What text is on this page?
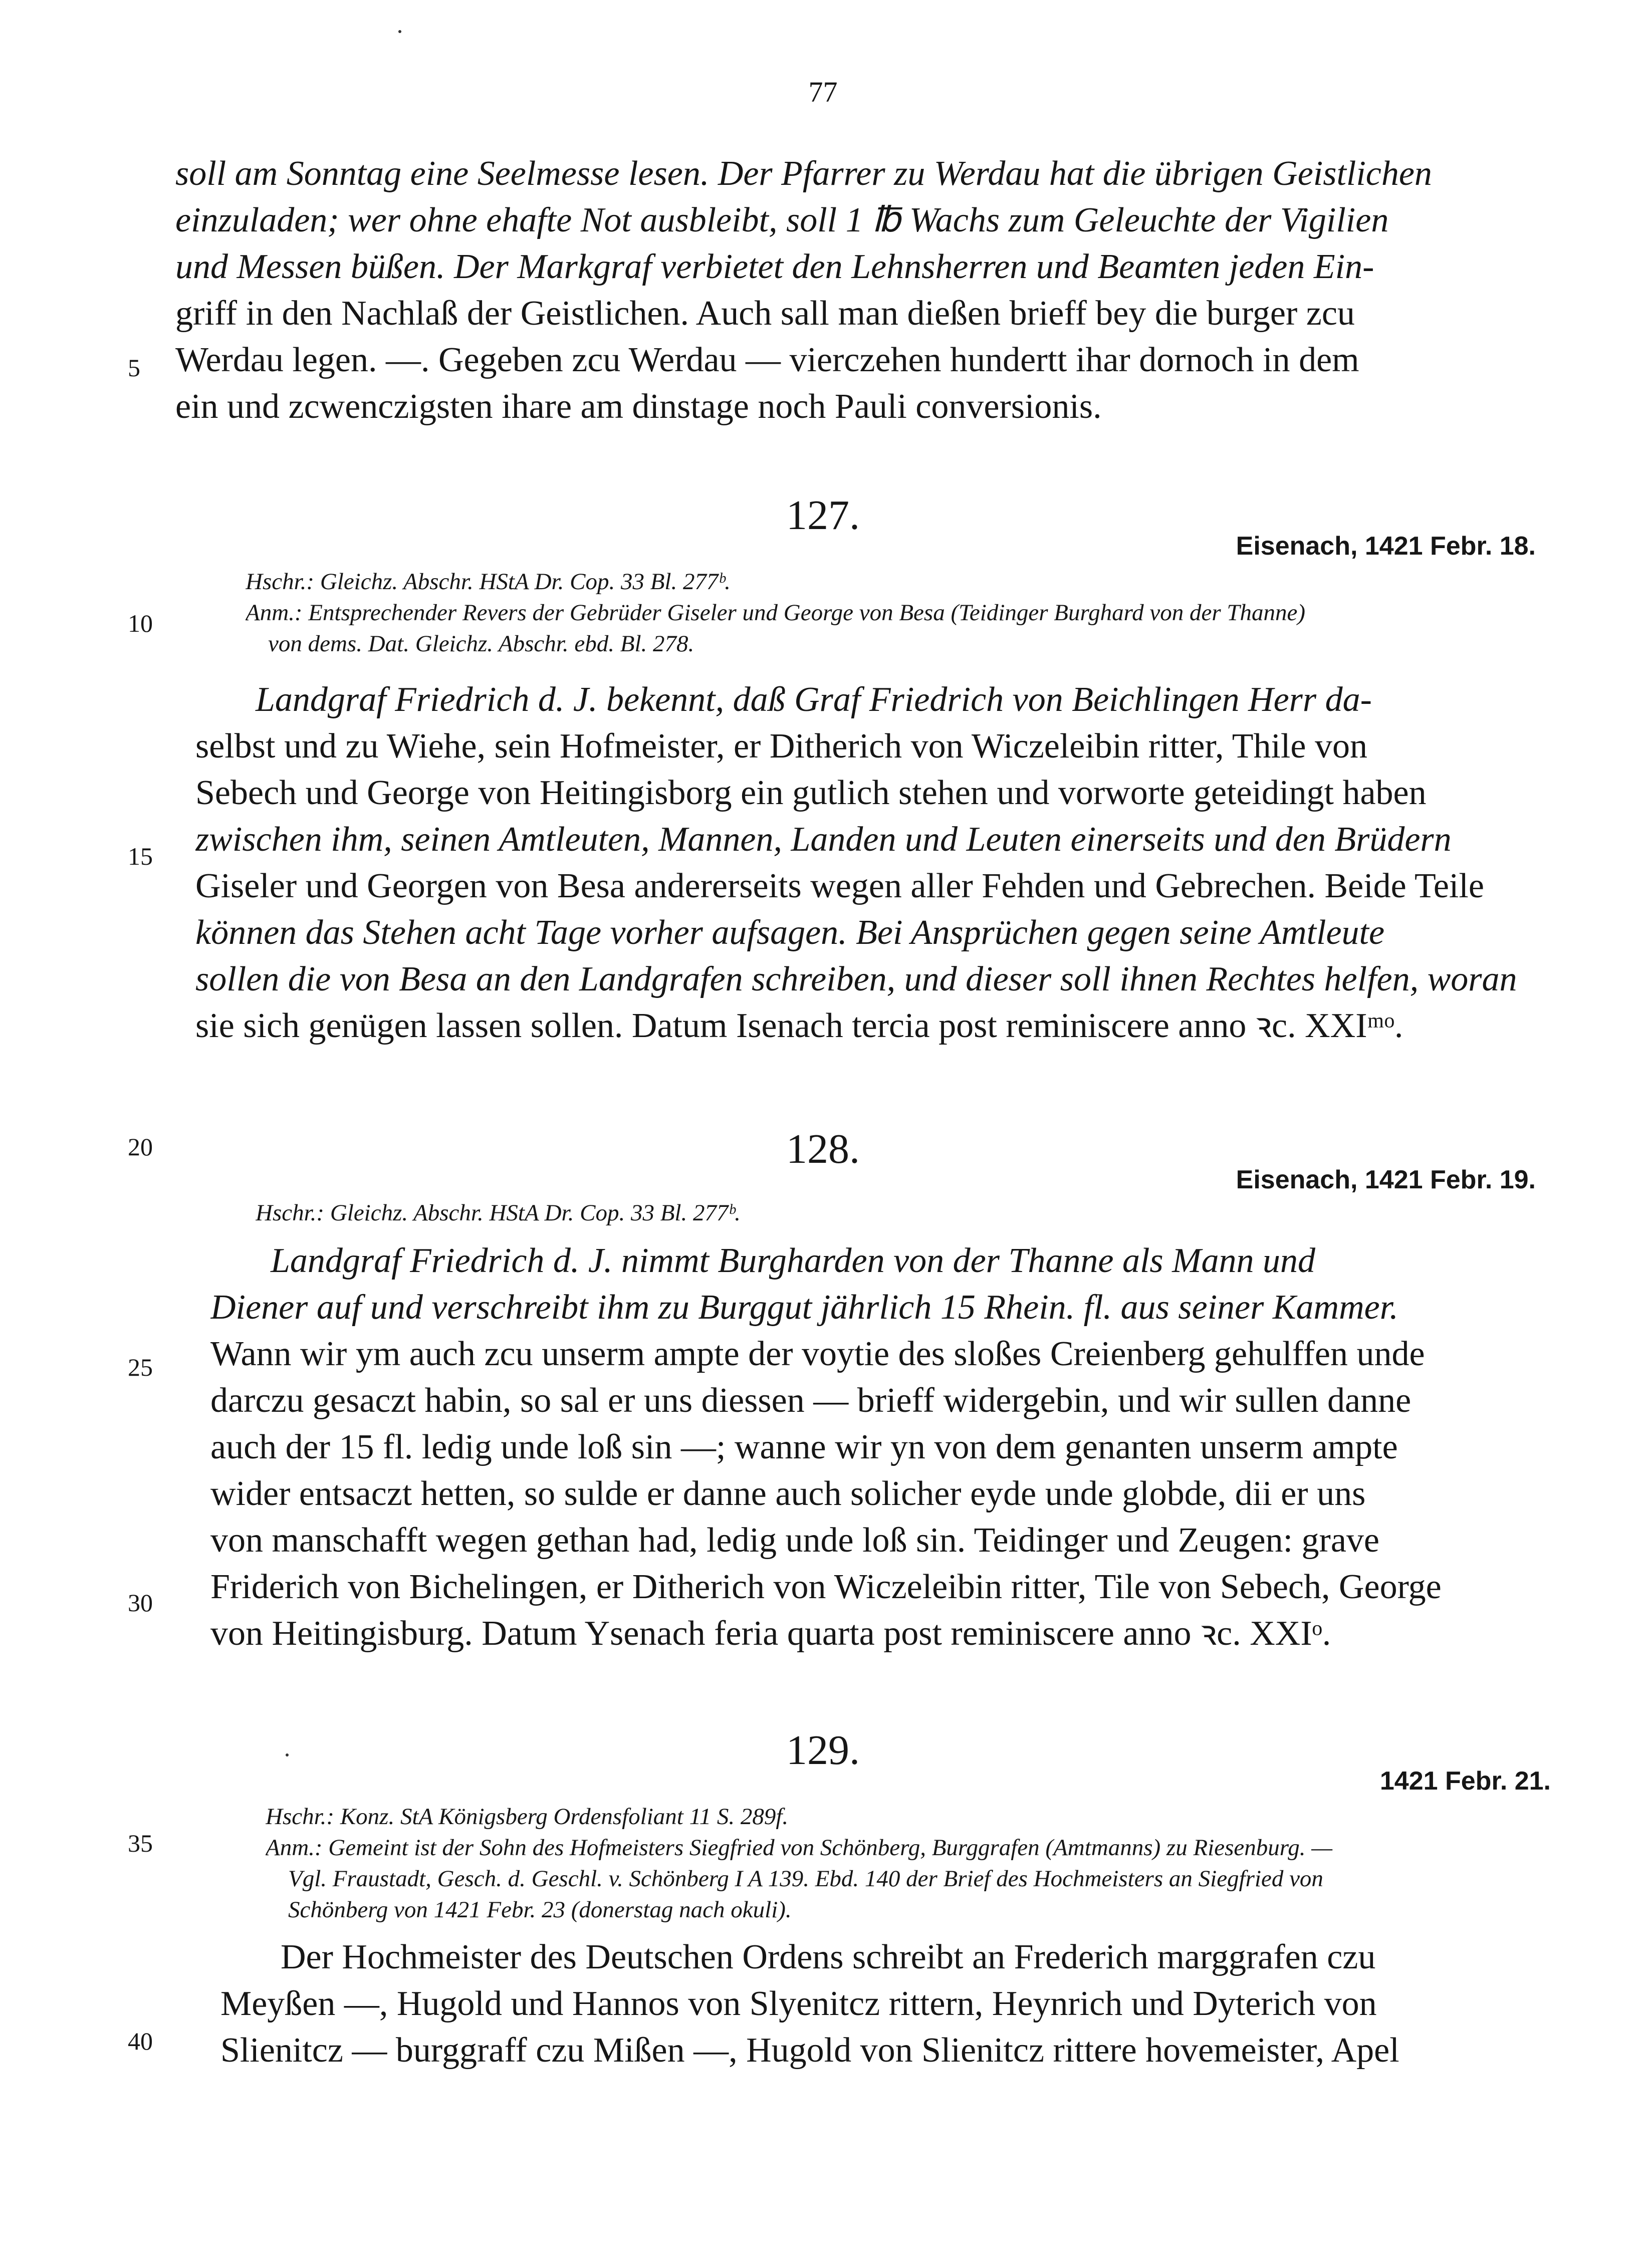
77
soll am Sonntag eine Seelmesse lesen. Der Pfarrer zu Werdau hat die übrigen Geistlichen
einzuladen; wer ohne ehafte Not ausbleibt, soll 1 ℔ Wachs zum Geleuchte der Vigilien
und Messen büßen. Der Markgraf verbietet den Lehnsherren und Beamten jeden Ein-
griff in den Nachlaß der Geistlichen. Auch sall man dießen brieff bey die burger zcu
Werdau legen. —. Gegeben zcu Werdau — vierczehen hundertt ihar dornoch in dem
ein und zcwenczigsten ihare am dinstage noch Pauli conversionis.
127.
Eisenach, 1421 Febr. 18.
Hschr.: Gleichz. Abschr. HStA Dr. Cop. 33 Bl. 277ᵇ.
Anm.: Entsprechender Revers der Gebrüder Giseler und George von Besa (Teidinger Burghard von der Thanne)
von dems. Dat. Gleichz. Abschr. ebd. Bl. 278.
Landgraf Friedrich d. J. bekennt, daß Graf Friedrich von Beichlingen Herr da-
selbst und zu Wiehe, sein Hofmeister, er Ditherich von Wiczeleibin ritter, Thile von
Sebech und George von Heitingisborg ein gutlich stehen und vorworte geteidingt haben
zwischen ihm, seinen Amtleuten, Mannen, Landen und Leuten einerseits und den Brüdern
Giseler und Georgen von Besa andererseits wegen aller Fehden und Gebrechen. Beide Teile
können das Stehen acht Tage vorher aufsagen. Bei Ansprüchen gegen seine Amtleute
sollen die von Besa an den Landgrafen schreiben, und dieser soll ihnen Rechtes helfen, woran
sie sich genügen lassen sollen. Datum Isenach tercia post reminiscere anno ꝛc. XXIᵐᵒ.
128.
Eisenach, 1421 Febr. 19.
Hschr.: Gleichz. Abschr. HStA Dr. Cop. 33 Bl. 277ᵇ.
Landgraf Friedrich d. J. nimmt Burgharden von der Thanne als Mann und
Diener auf und verschreibt ihm zu Burggut jährlich 15 Rhein. fl. aus seiner Kammer.
Wann wir ym auch zcu unserm ampte der voytie des sloßes Creienberg gehulffen unde
darczu gesaczt habin, so sal er uns diessen — brieff widergebin, und wir sullen danne
auch der 15 fl. ledig unde loß sin —; wanne wir yn von dem genanten unserm ampte
wider entsaczt hetten, so sulde er danne auch solicher eyde unde globde, dii er uns
von manschafft wegen gethan had, ledig unde loß sin. Teidinger und Zeugen: grave
Friderich von Bichelingen, er Ditherich von Wiczeleibin ritter, Tile von Sebech, George
von Heitingisburg. Datum Ysenach feria quarta post reminiscere anno ꝛc. XXIᵒ.
129.
1421 Febr. 21.
Hschr.: Konz. StA Königsberg Ordensfoliant 11 S. 289f.
Anm.: Gemeint ist der Sohn des Hofmeisters Siegfried von Schönberg, Burggrafen (Amtmanns) zu Riesenburg. —
Vgl. Fraustadt, Gesch. d. Geschl. v. Schönberg I A 139. Ebd. 140 der Brief des Hochmeisters an Siegfried von
Schönberg von 1421 Febr. 23 (donerstag nach okuli).
Der Hochmeister des Deutschen Ordens schreibt an Frederich marggrafen czu
Meyßen —, Hugold und Hannos von Slyenitcz rittern, Heynrich und Dyterich von
Slienitcz — burggraff czu Mißen —, Hugold von Slienitcz rittere hovemeister, Apel
5
10
15
20
25
30
35
40
